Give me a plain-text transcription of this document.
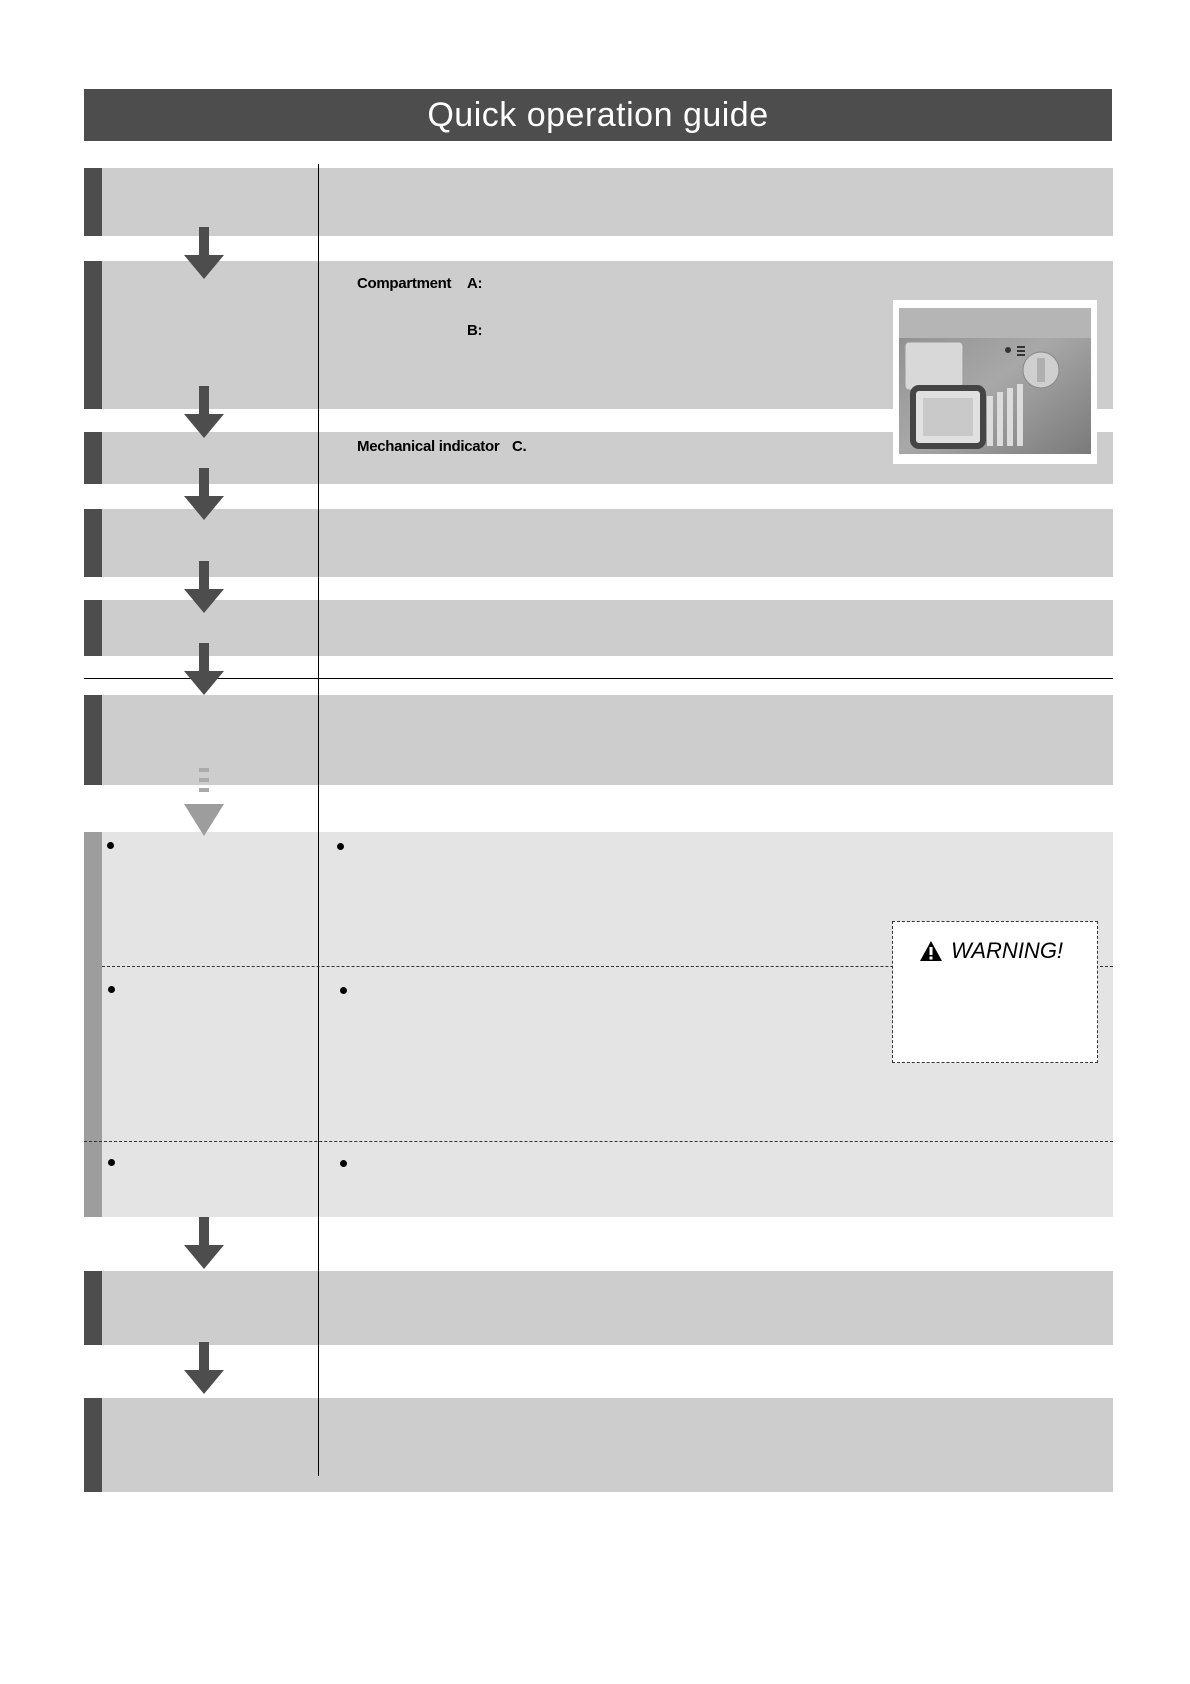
Quick operation guide
Compartment A:
B:
Mechanical indicator C.
WARNING!
